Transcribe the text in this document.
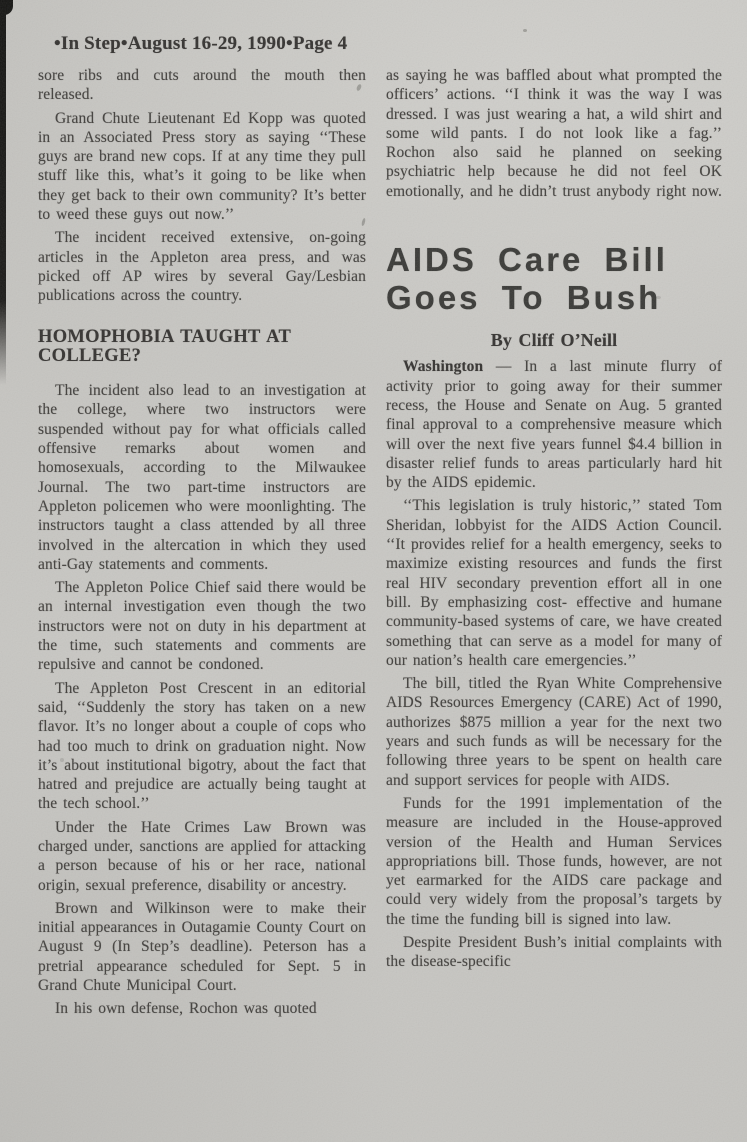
•In Step•August 16-29, 1990•Page 4

sore ribs and cuts around the mouth then released.

Grand Chute Lieutenant Ed Kopp was quoted in an Associated Press story as saying ‘‘These guys are brand new cops. If at any time they pull stuff like this, what’s it going to be like when they get back to their own community? It’s better to weed these guys out now.’’

The incident received extensive, on-going articles in the Appleton area press, and was picked off AP wires by several Gay/Lesbian publications across the country.

HOMOPHOBIA TAUGHT AT COLLEGE?

The incident also lead to an investigation at the college, where two instructors were suspended without pay for what officials called offensive remarks about women and homosexuals, according to the Milwaukee Journal. The two part-time instructors are Appleton policemen who were moonlighting. The instructors taught a class attended by all three involved in the altercation in which they used anti-Gay statements and comments.

The Appleton Police Chief said there would be an internal investigation even though the two instructors were not on duty in his department at the time, such statements and comments are repulsive and cannot be condoned.

The Appleton Post Crescent in an editorial said, ‘‘Suddenly the story has taken on a new flavor. It’s no longer about a couple of cops who had too much to drink on graduation night. Now it’s about institutional bigotry, about the fact that hatred and prejudice are actually being taught at the tech school.’’

Under the Hate Crimes Law Brown was charged under, sanctions are applied for attacking a person because of his or her race, national origin, sexual preference, disability or ancestry.

Brown and Wilkinson were to make their initial appearances in Outagamie County Court on August 9 (In Step’s deadline). Peterson has a pretrial appearance scheduled for Sept. 5 in Grand Chute Municipal Court.

In his own defense, Rochon was quoted

as saying he was baffled about what prompted the officers’ actions. ‘‘I think it was the way I was dressed. I was just wearing a hat, a wild shirt and some wild pants. I do not look like a fag.’’ Rochon also said he planned on seeking psychiatric help because he did not feel OK emotionally, and he didn’t trust anybody right now.

AIDS Care Bill
Goes To Bush

By Cliff O’Neill

Washington — In a last minute flurry of activity prior to going away for their summer recess, the House and Senate on Aug. 5 granted final approval to a comprehensive measure which will over the next five years funnel $4.4 billion in disaster relief funds to areas particularly hard hit by the AIDS epidemic.

‘‘This legislation is truly historic,’’ stated Tom Sheridan, lobbyist for the AIDS Action Council. ‘‘It provides relief for a health emergency, seeks to maximize existing resources and funds the first real HIV secondary prevention effort all in one bill. By emphasizing cost- effective and humane community-based systems of care, we have created something that can serve as a model for many of our nation’s health care emergencies.’’

The bill, titled the Ryan White Comprehensive AIDS Resources Emergency (CARE) Act of 1990, authorizes $875 million a year for the next two years and such funds as will be necessary for the following three years to be spent on health care and support services for people with AIDS.

Funds for the 1991 implementation of the measure are included in the House-approved version of the Health and Human Services appropriations bill. Those funds, however, are not yet earmarked for the AIDS care package and could very widely from the proposal’s targets by the time the funding bill is signed into law.

Despite President Bush’s initial complaints with the disease-specific
